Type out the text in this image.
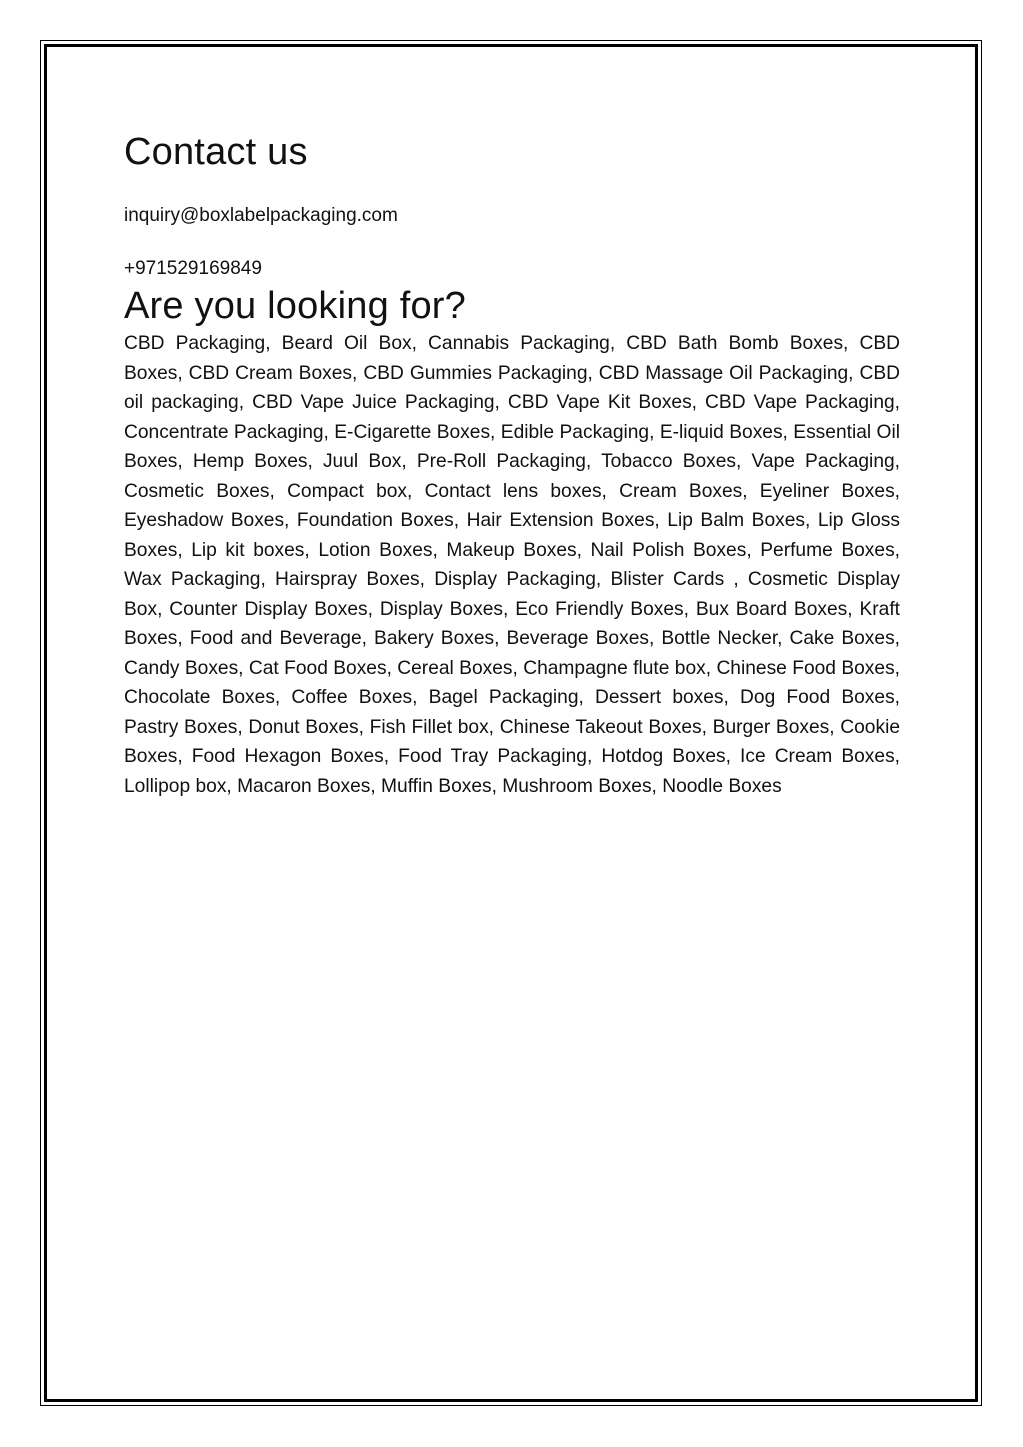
Contact us

inquiry@boxlabelpackaging.com

+971529169849

Are you looking for?

CBD Packaging, Beard Oil Box, Cannabis Packaging, CBD Bath Bomb Boxes, CBD Boxes, CBD Cream Boxes, CBD Gummies Packaging, CBD Massage Oil Packaging, CBD oil packaging, CBD Vape Juice Packaging, CBD Vape Kit Boxes, CBD Vape Packaging, Concentrate Packaging, E-Cigarette Boxes, Edible Packaging, E-liquid Boxes, Essential Oil Boxes, Hemp Boxes, Juul Box, Pre-Roll Packaging, Tobacco Boxes, Vape Packaging, Cosmetic Boxes, Compact box, Contact lens boxes, Cream Boxes, Eyeliner Boxes, Eyeshadow Boxes, Foundation Boxes, Hair Extension Boxes, Lip Balm Boxes, Lip Gloss Boxes, Lip kit boxes, Lotion Boxes, Makeup Boxes, Nail Polish Boxes, Perfume Boxes, Wax Packaging, Hairspray Boxes, Display Packaging, Blister Cards , Cosmetic Display Box, Counter Display Boxes, Display Boxes, Eco Friendly Boxes, Bux Board Boxes, Kraft Boxes, Food and Beverage, Bakery Boxes, Beverage Boxes, Bottle Necker, Cake Boxes, Candy Boxes, Cat Food Boxes, Cereal Boxes, Champagne flute box, Chinese Food Boxes, Chocolate Boxes, Coffee Boxes, Bagel Packaging, Dessert boxes, Dog Food Boxes, Pastry Boxes, Donut Boxes, Fish Fillet box, Chinese Takeout Boxes, Burger Boxes, Cookie Boxes, Food Hexagon Boxes, Food Tray Packaging, Hotdog Boxes, Ice Cream Boxes, Lollipop box, Macaron Boxes, Muffin Boxes, Mushroom Boxes, Noodle Boxes
